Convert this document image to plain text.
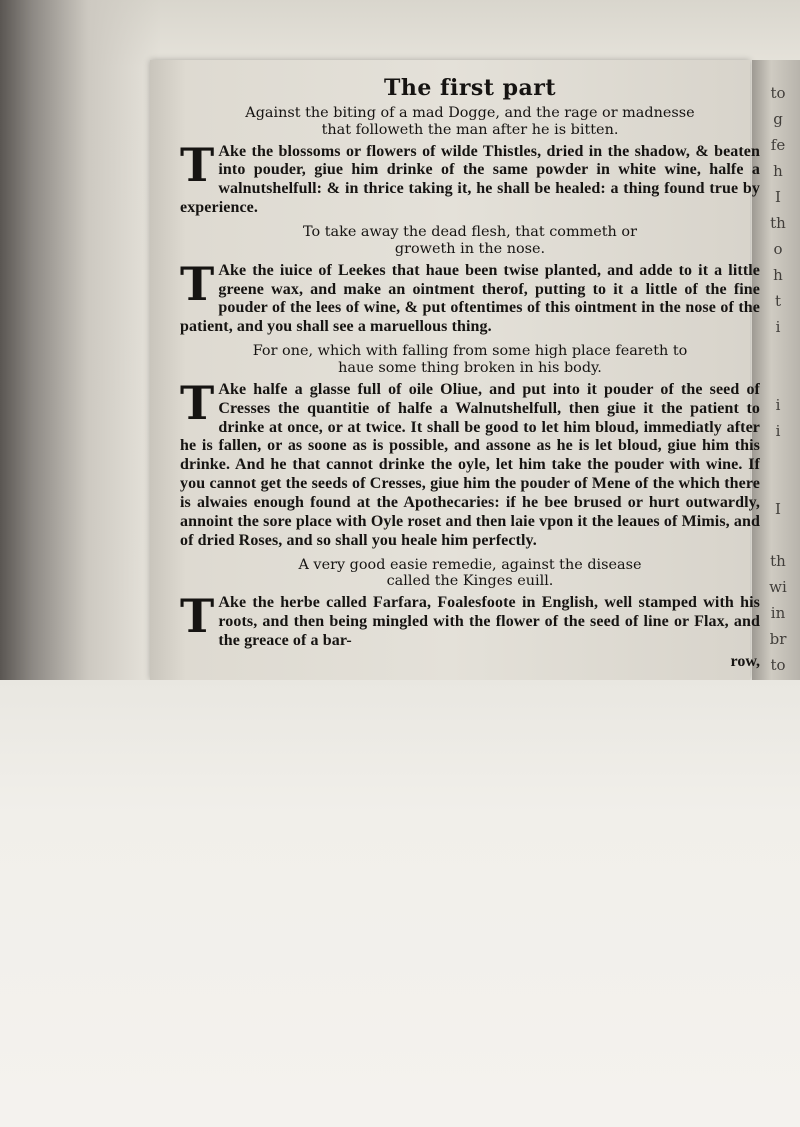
to
g
fe
h
I
th
o
h
t
i

i
i

I

th
wi
in
br
to
The first part
Against the biting of a mad Dogge, and the rage or madnesse
that followeth the man after he is bitten.

T Ake the blossoms or flowers of wilde Thistles, dried in the shadow, & beaten into pouder, giue him drinke of the same powder in white wine, halfe a walnutshelfull: & in thrice taking it, he shall be healed: a thing found true by experience.

To take away the dead flesh, that commeth or
groweth in the nose.

T Ake the iuice of Leekes that haue been twise planted, and adde to it a little greene wax, and make an ointment therof, putting to it a little of the fine pouder of the lees of wine, & put oftentimes of this ointment in the nose of the patient, and you shall see a maruellous thing.

For one, which with falling from some high place feareth to
haue some thing broken in his body.

T Ake halfe a glasse full of oile Oliue, and put into it pouder of the seed of Cresses the quantitie of halfe a Walnutshelfull, then giue it the patient to drinke at once, or at twice. It shall be good to let him bloud, immediatly after he is fallen, or as soone as is possible, and assone as he is let bloud, giue him this drinke. And he that cannot drinke the oyle, let him take the pouder with wine. If you cannot get the seeds of Cresses, giue him the pouder of Mene of the which there is alwaies enough found at the Apothecaries: if he bee brused or hurt outwardly, annoint the sore place with Oyle roset and then laie vpon it the leaues of Mimis, and of dried Roses, and so shall you heale him perfectly.

A very good easie remedie, against the disease
called the Kinges euill.

T Ake the herbe called Farfara, Foalesfoote in English, well stamped with his roots, and then being mingled with the flower of the seed of line or Flax, and the greace of a bar-

row,
